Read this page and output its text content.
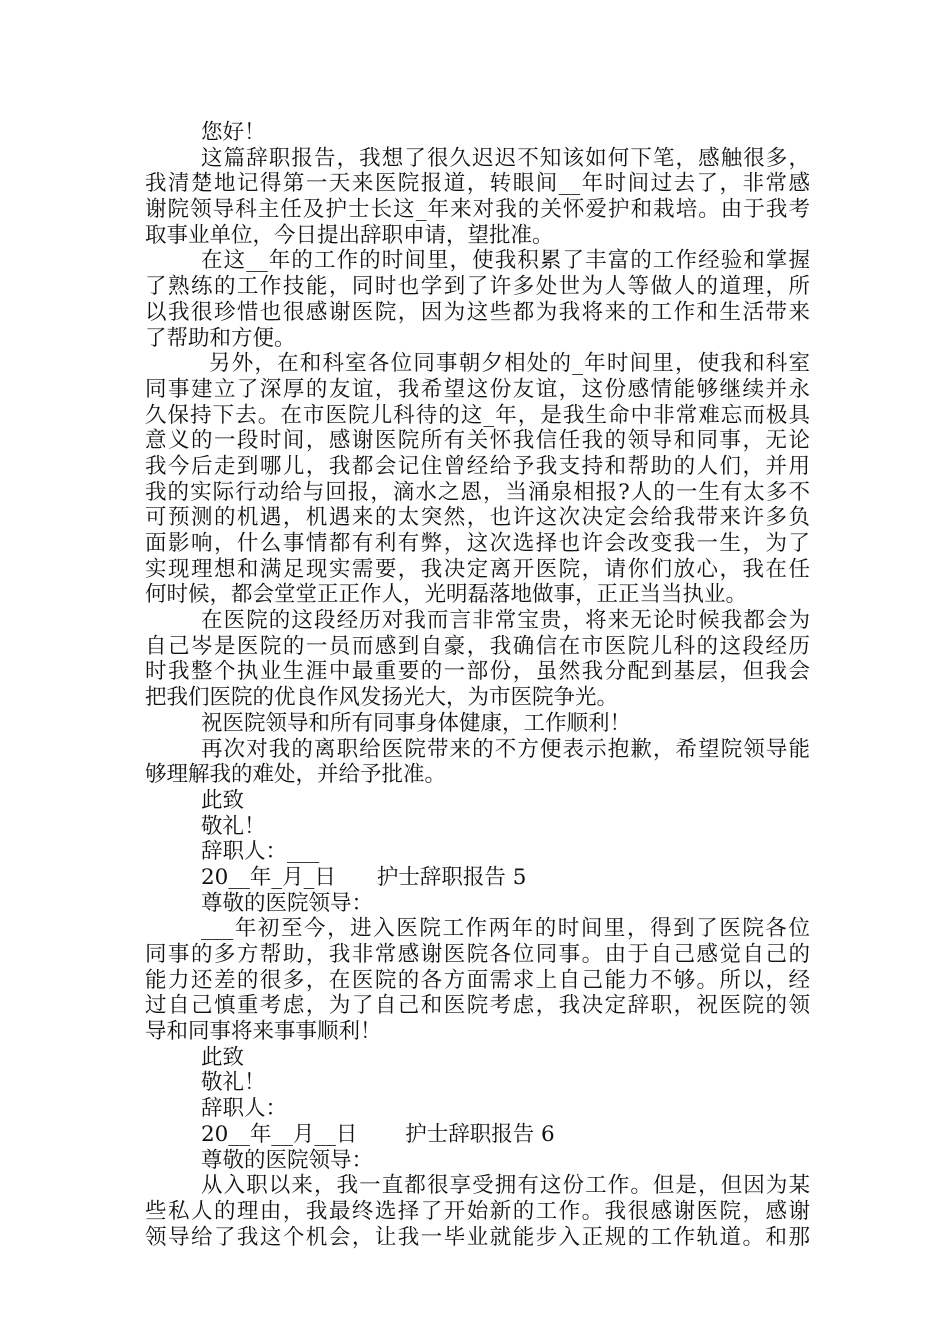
您好！
这篇辞职报告，我想了很久迟迟不知该如何下笔，感触很多，
我清楚地记得第一天来医院报道，转眼间__年时间过去了，非常感
谢院领导科主任及护士长这_年来对我的关怀爱护和栽培。由于我考
取事业单位，今日提出辞职申请，望批准。
在这__年的工作的时间里，使我积累了丰富的工作经验和掌握
了熟练的工作技能，同时也学到了许多处世为人等做人的道理，所
以我很珍惜也很感谢医院，因为这些都为我将来的工作和生活带来
了帮助和方便。
另外，在和科室各位同事朝夕相处的_年时间里，使我和科室
同事建立了深厚的友谊，我希望这份友谊，这份感情能够继续并永
久保持下去。在市医院儿科待的这_年，是我生命中非常难忘而极具
意义的一段时间，感谢医院所有关怀我信任我的领导和同事，无论
我今后走到哪儿，我都会记住曾经给予我支持和帮助的人们，并用
我的实际行动给与回报，滴水之恩，当涌泉相报?人的一生有太多不
可预测的机遇，机遇来的太突然，也许这次决定会给我带来许多负
面影响，什么事情都有利有弊，这次选择也许会改变我一生，为了
实现理想和满足现实需要，我决定离开医院，请你们放心，我在任
何时候，都会堂堂正正作人，光明磊落地做事，正正当当执业。
在医院的这段经历对我而言非常宝贵，将来无论时候我都会为
自己岑是医院的一员而感到自豪，我确信在市医院儿科的这段经历
时我整个执业生涯中最重要的一部份，虽然我分配到基层，但我会
把我们医院的优良作风发扬光大，为市医院争光。
祝医院领导和所有同事身体健康，工作顺利！
再次对我的离职给医院带来的不方便表示抱歉，希望院领导能
够理解我的难处，并给予批准。
此致
敬礼！
辞职人：___
20__年_月_日      护士辞职报告 5
尊敬的医院领导：
___年初至今，进入医院工作两年的时间里，得到了医院各位
同事的多方帮助，我非常感谢医院各位同事。由于自己感觉自己的
能力还差的很多，在医院的各方面需求上自己能力不够。所以，经
过自己慎重考虑，为了自己和医院考虑，我决定辞职，祝医院的领
导和同事将来事事顺利！
此致
敬礼！
辞职人：
20__年__月__日       护士辞职报告 6
尊敬的医院领导：
从入职以来，我一直都很享受拥有这份工作。但是，但因为某
些私人的理由，我最终选择了开始新的工作。我很感谢医院，感谢
领导给了我这个机会，让我一毕业就能步入正规的工作轨道。和那
